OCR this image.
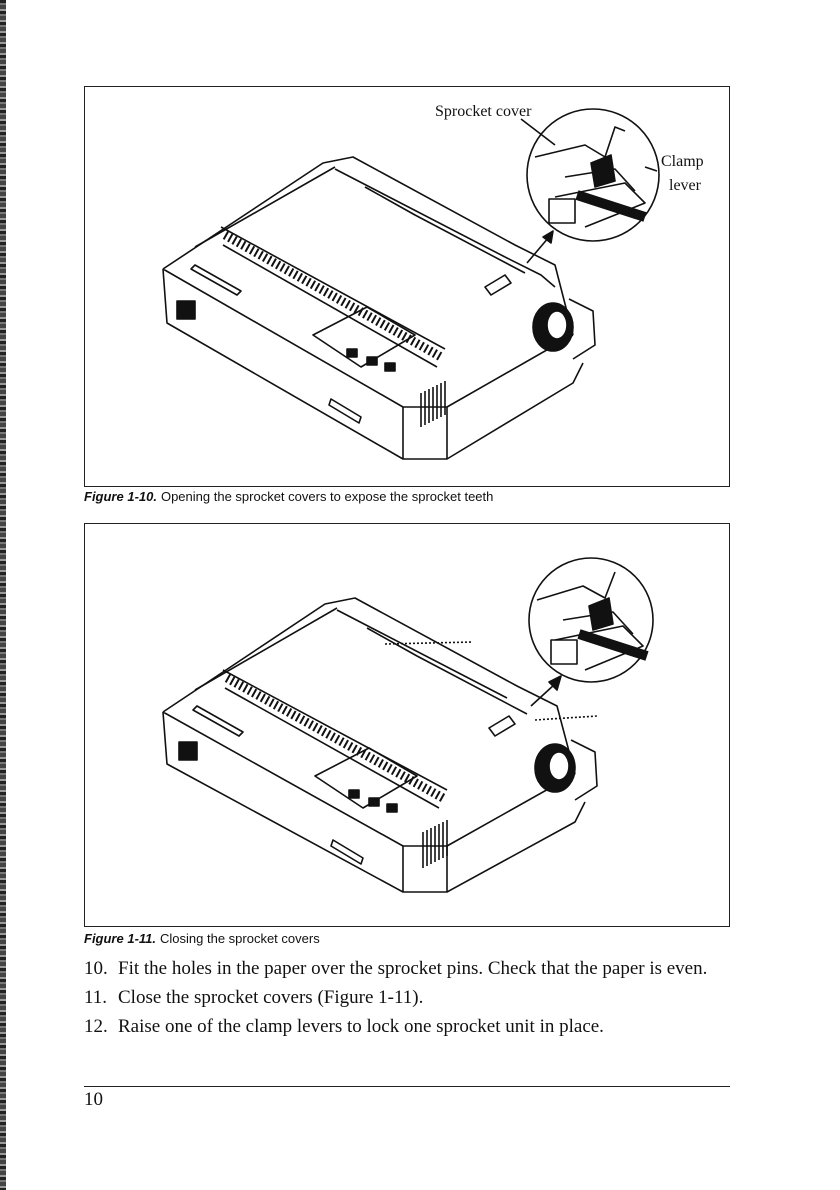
Sprocket cover
Clamp
lever
Figure 1-10. Opening the sprocket covers to expose the sprocket teeth
Figure 1-11. Closing the sprocket covers
10. Fit the holes in the paper over the sprocket pins. Check that the paper is even.
11. Close the sprocket covers (Figure 1-11).
12. Raise one of the clamp levers to lock one sprocket unit in place.
10
